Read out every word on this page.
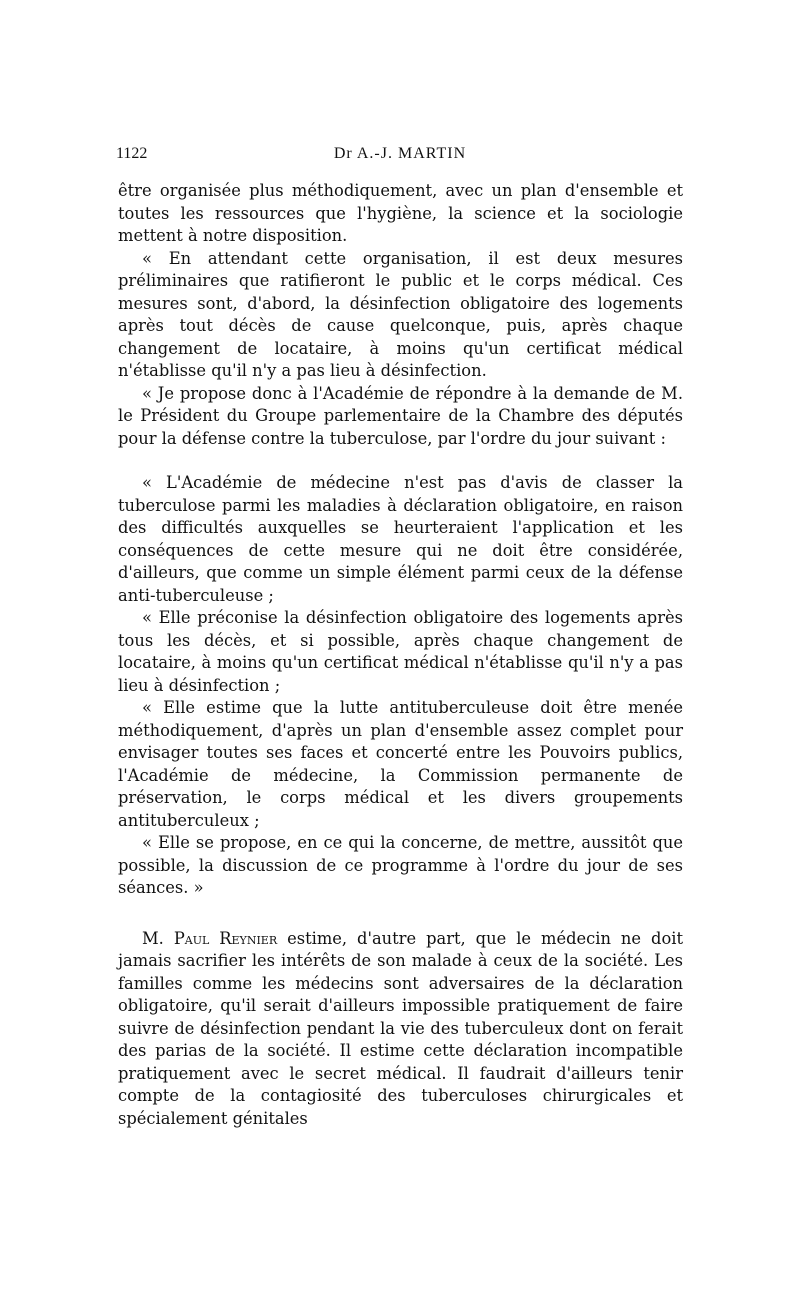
1122	Dr A.-J. MARTIN

être organisée plus méthodiquement, avec un plan d'ensemble et toutes les ressources que l'hygiène, la science et la sociologie mettent à notre disposition.

« En attendant cette organisation, il est deux mesures préliminaires que ratifieront le public et le corps médical. Ces mesures sont, d'abord, la désinfection obligatoire des logements après tout décès de cause quelconque, puis, après chaque changement de locataire, à moins qu'un certificat médical n'établisse qu'il n'y a pas lieu à désinfection.

« Je propose donc à l'Académie de répondre à la demande de M. le Président du Groupe parlementaire de la Chambre des députés pour la défense contre la tuberculose, par l'ordre du jour suivant :

« L'Académie de médecine n'est pas d'avis de classer la tuberculose parmi les maladies à déclaration obligatoire, en raison des difficultés auxquelles se heurteraient l'application et les conséquences de cette mesure qui ne doit être considérée, d'ailleurs, que comme un simple élément parmi ceux de la défense anti-tuberculeuse ;

« Elle préconise la désinfection obligatoire des logements après tous les décès, et si possible, après chaque changement de locataire, à moins qu'un certificat médical n'établisse qu'il n'y a pas lieu à désinfection ;

« Elle estime que la lutte antituberculeuse doit être menée méthodiquement, d'après un plan d'ensemble assez complet pour envisager toutes ses faces et concerté entre les Pouvoirs publics, l'Académie de médecine, la Commission permanente de préservation, le corps médical et les divers groupements antituberculeux ;

« Elle se propose, en ce qui la concerne, de mettre, aussitôt que possible, la discussion de ce programme à l'ordre du jour de ses séances. »

M. Paul Reynier estime, d'autre part, que le médecin ne doit jamais sacrifier les intérêts de son malade à ceux de la société. Les familles comme les médecins sont adversaires de la déclaration obligatoire, qu'il serait d'ailleurs impossible pratiquement de faire suivre de désinfection pendant la vie des tuberculeux dont on ferait des parias de la société. Il estime cette déclaration incompatible pratiquement avec le secret médical. Il faudrait d'ailleurs tenir compte de la contagiosité des tuberculoses chirurgicales et spécialement génitales
